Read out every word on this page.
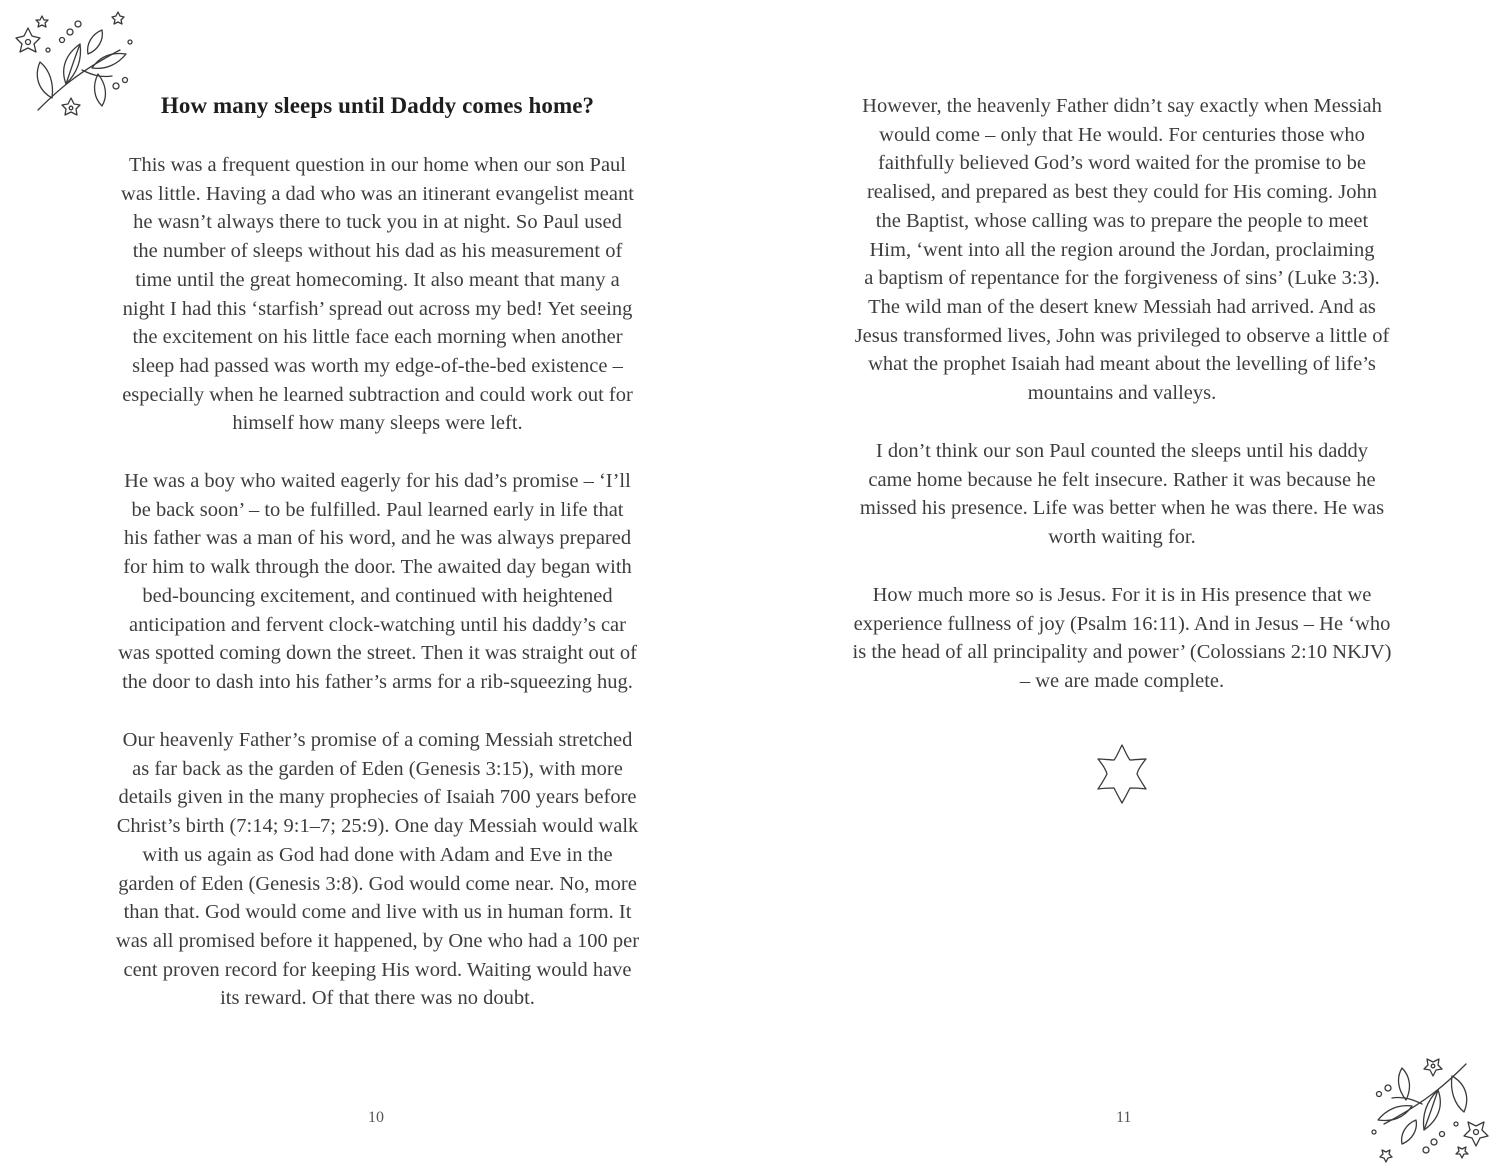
How many sleeps until Daddy comes home?
This was a frequent question in our home when our son Paul
was little. Having a dad who was an itinerant evangelist meant
he wasn’t always there to tuck you in at night. So Paul used
the number of sleeps without his dad as his measurement of
time until the great homecoming. It also meant that many a
night I had this ‘starfish’ spread out across my bed! Yet seeing
the excitement on his little face each morning when another
sleep had passed was worth my edge-of-the-bed existence –
especially when he learned subtraction and could work out for
himself how many sleeps were left.
He was a boy who waited eagerly for his dad’s promise – ‘I’ll
be back soon’ – to be fulfilled. Paul learned early in life that
his father was a man of his word, and he was always prepared
for him to walk through the door. The awaited day began with
bed-bouncing excitement, and continued with heightened
anticipation and fervent clock-watching until his daddy’s car
was spotted coming down the street. Then it was straight out of
the door to dash into his father’s arms for a rib-squeezing hug.
Our heavenly Father’s promise of a coming Messiah stretched
as far back as the garden of Eden (Genesis 3:15), with more
details given in the many prophecies of Isaiah 700 years before
Christ’s birth (7:14; 9:1–7; 25:9). One day Messiah would walk
with us again as God had done with Adam and Eve in the
garden of Eden (Genesis 3:8). God would come near. No, more
than that. God would come and live with us in human form. It
was all promised before it happened, by One who had a 100 per
cent proven record for keeping His word. Waiting would have
its reward. Of that there was no doubt.
10
However, the heavenly Father didn’t say exactly when Messiah
would come – only that He would. For centuries those who
faithfully believed God’s word waited for the promise to be
realised, and prepared as best they could for His coming. John
the Baptist, whose calling was to prepare the people to meet
Him, ‘went into all the region around the Jordan, proclaiming
a baptism of repentance for the forgiveness of sins’ (Luke 3:3).
The wild man of the desert knew Messiah had arrived. And as
Jesus transformed lives, John was privileged to observe a little of
what the prophet Isaiah had meant about the levelling of life’s
mountains and valleys.
I don’t think our son Paul counted the sleeps until his daddy
came home because he felt insecure. Rather it was because he
missed his presence. Life was better when he was there. He was
worth waiting for.
How much more so is Jesus. For it is in His presence that we
experience fullness of joy (Psalm 16:11). And in Jesus – He ‘who
is the head of all principality and power’ (Colossians 2:10 NKJV)
– we are made complete.
11
